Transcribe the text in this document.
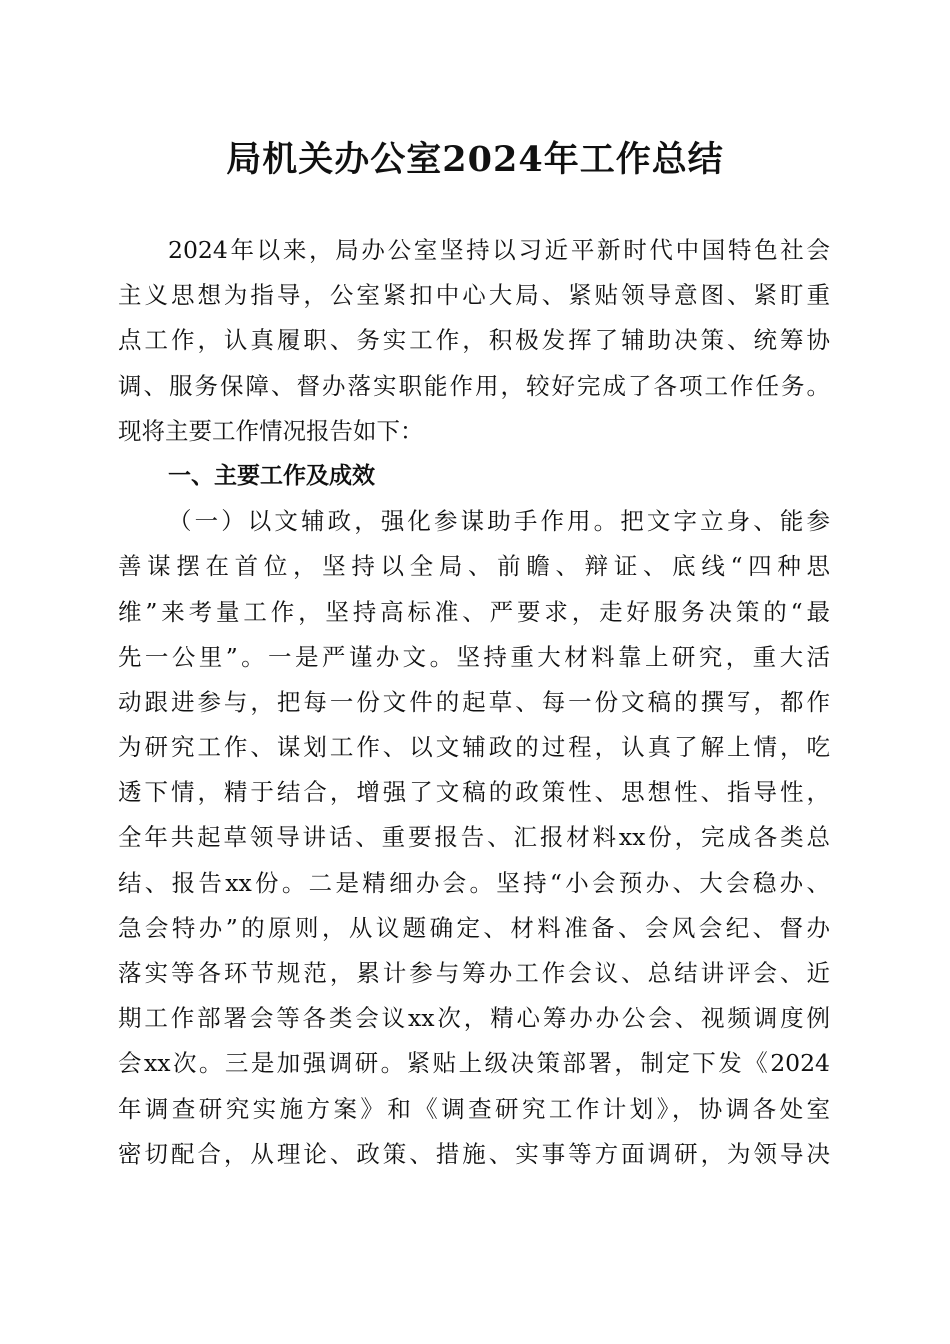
局机关办公室2024年工作总结
2024年以来，局办公室坚持以习近平新时代中国特色社会
主义思想为指导，公室紧扣中心大局、紧贴领导意图、紧盯重
点工作，认真履职、务实工作，积极发挥了辅助决策、统筹协
调、服务保障、督办落实职能作用，较好完成了各项工作任务。
现将主要工作情况报告如下：
一、主要工作及成效
（一）以文辅政，强化参谋助手作用。把文字立身、能参
善谋摆在首位，坚持以全局、前瞻、辩证、底线“四种思
维”来考量工作，坚持高标准、严要求，走好服务决策的“最
先一公里”。一是严谨办文。坚持重大材料靠上研究，重大活
动跟进参与，把每一份文件的起草、每一份文稿的撰写，都作
为研究工作、谋划工作、以文辅政的过程，认真了解上情，吃
透下情，精于结合，增强了文稿的政策性、思想性、指导性，
全年共起草领导讲话、重要报告、汇报材料xx份，完成各类总
结、报告xx份。二是精细办会。坚持“小会预办、大会稳办、
急会特办”的原则，从议题确定、材料准备、会风会纪、督办
落实等各环节规范，累计参与筹办工作会议、总结讲评会、近
期工作部署会等各类会议xx次，精心筹办办公会、视频调度例
会xx次。三是加强调研。紧贴上级决策部署，制定下发《2024
年调查研究实施方案》和《调查研究工作计划》，协调各处室
密切配合，从理论、政策、措施、实事等方面调研，为领导决
